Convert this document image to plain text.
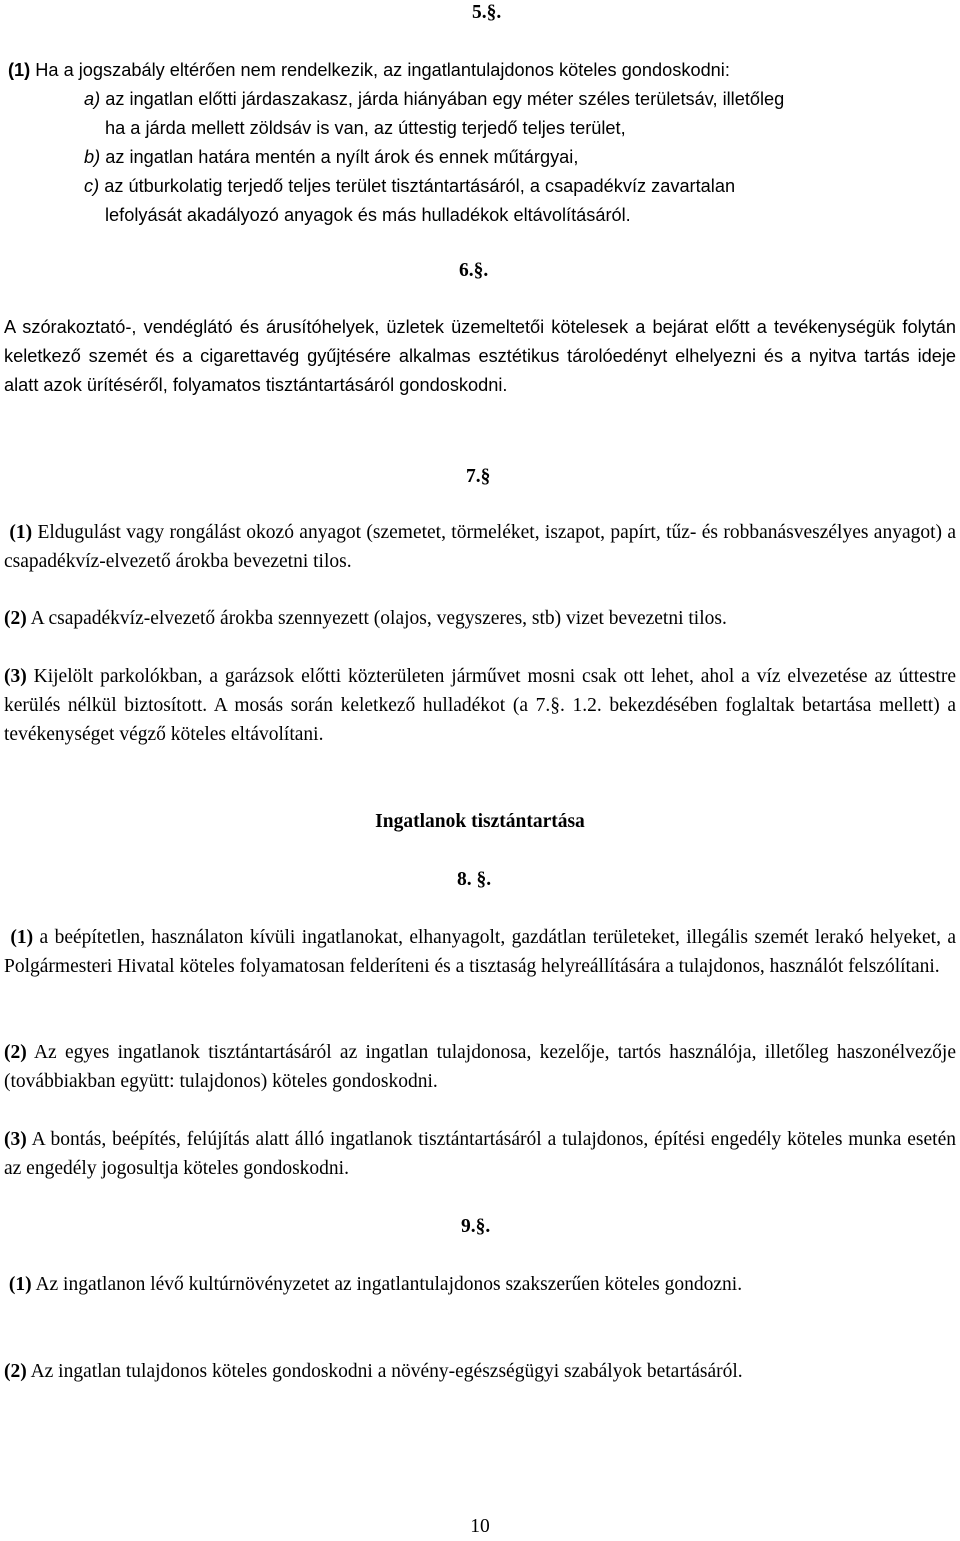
5.§.

(1) Ha a jogszabály eltérően nem rendelkezik, az ingatlantulajdonos köteles gondoskodni:
a) az ingatlan előtti járdaszakasz, járda hiányában egy méter széles területsáv, illetőleg
ha a járda mellett zöldsáv is van, az úttestig terjedő teljes terület,
b) az ingatlan határa mentén a nyílt árok és ennek műtárgyai,
c) az útburkolatig terjedő teljes terület tisztántartásáról, a csapadékvíz zavartalan
lefolyását akadályozó anyagok és más hulladékok eltávolításáról.

6.§.

A szórakoztató-, vendéglátó és árusítóhelyek, üzletek üzemeltetői kötelesek a bejárat előtt a tevékenységük folytán keletkező szemét és a cigarettavég gyűjtésére alkalmas esztétikus tárolóedényt elhelyezni és a nyitva tartás ideje alatt azok ürítéséről, folyamatos tisztántartásáról gondoskodni.

7.§

(1) Eldugulást vagy rongálást okozó anyagot (szemetet, törmeléket, iszapot, papírt, tűz- és robbanásveszélyes anyagot) a csapadékvíz-elvezető árokba bevezetni tilos.

(2) A csapadékvíz-elvezető árokba szennyezett (olajos, vegyszeres, stb) vizet bevezetni tilos.

(3) Kijelölt parkolókban, a garázsok előtti közterületen járművet mosni csak ott lehet, ahol a víz elvezetése az úttestre kerülés nélkül biztosított. A mosás során keletkező hulladékot (a 7.§. 1.2. bekezdésében foglaltak betartása mellett) a tevékenységet végző köteles eltávolítani.

Ingatlanok tisztántartása

8. §.

(1) a beépítetlen, használaton kívüli ingatlanokat, elhanyagolt, gazdátlan területeket, illegális szemét lerakó helyeket, a Polgármesteri Hivatal köteles folyamatosan felderíteni és a tisztaság helyreállítására a tulajdonos, használót felszólítani.

(2) Az egyes ingatlanok tisztántartásáról az ingatlan tulajdonosa, kezelője, tartós használója, illetőleg haszonélvezője (továbbiakban együtt: tulajdonos) köteles gondoskodni.

(3) A bontás, beépítés, felújítás alatt álló ingatlanok tisztántartásáról a tulajdonos, építési engedély köteles munka esetén az engedély jogosultja köteles gondoskodni.

9.§.

(1) Az ingatlanon lévő kultúrnövényzetet az ingatlantulajdonos szakszerűen köteles gondozni.

(2) Az ingatlan tulajdonos köteles gondoskodni a növény-egészségügyi szabályok betartásáról.

10
